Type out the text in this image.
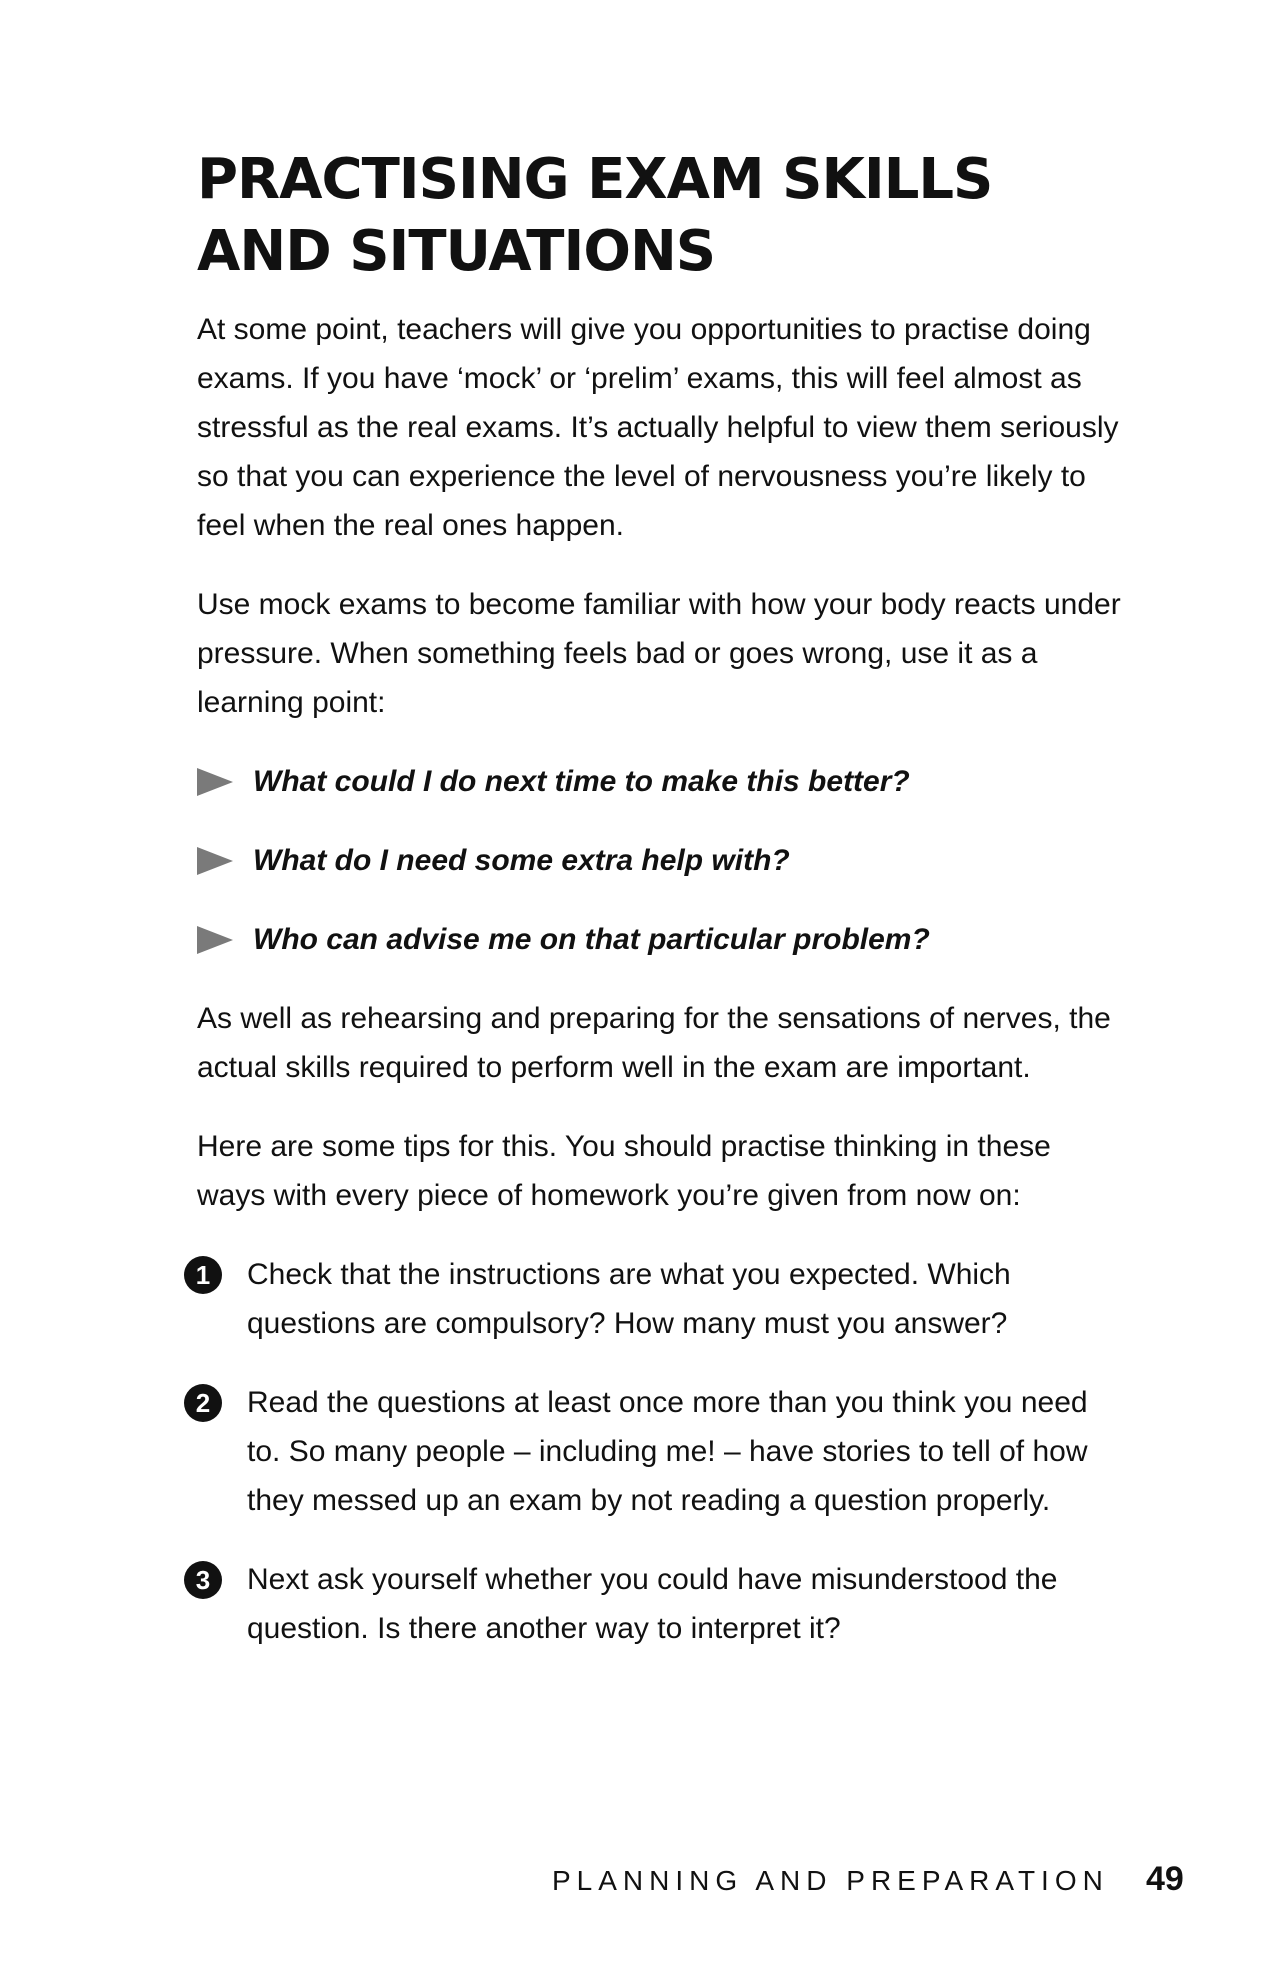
PRACTISING EXAM SKILLS
AND SITUATIONS

At some point, teachers will give you opportunities to practise doing exams. If you have ‘mock’ or ‘prelim’ exams, this will feel almost as stressful as the real exams. It’s actually helpful to view them seriously so that you can experience the level of nervousness you’re likely to feel when the real ones happen.

Use mock exams to become familiar with how your body reacts under pressure. When something feels bad or goes wrong, use it as a learning point:

What could I do next time to make this better?
What do I need some extra help with?
Who can advise me on that particular problem?

As well as rehearsing and preparing for the sensations of nerves, the actual skills required to perform well in the exam are important.

Here are some tips for this. You should practise thinking in these ways with every piece of homework you’re given from now on:

1	Check that the instructions are what you expected. Which questions are compulsory? How many must you answer?
2	Read the questions at least once more than you think you need to. So many people – including me! – have stories to tell of how they messed up an exam by not reading a question properly.
3	Next ask yourself whether you could have misunderstood the question. Is there another way to interpret it?
PLANNING AND PREPARATION 49
